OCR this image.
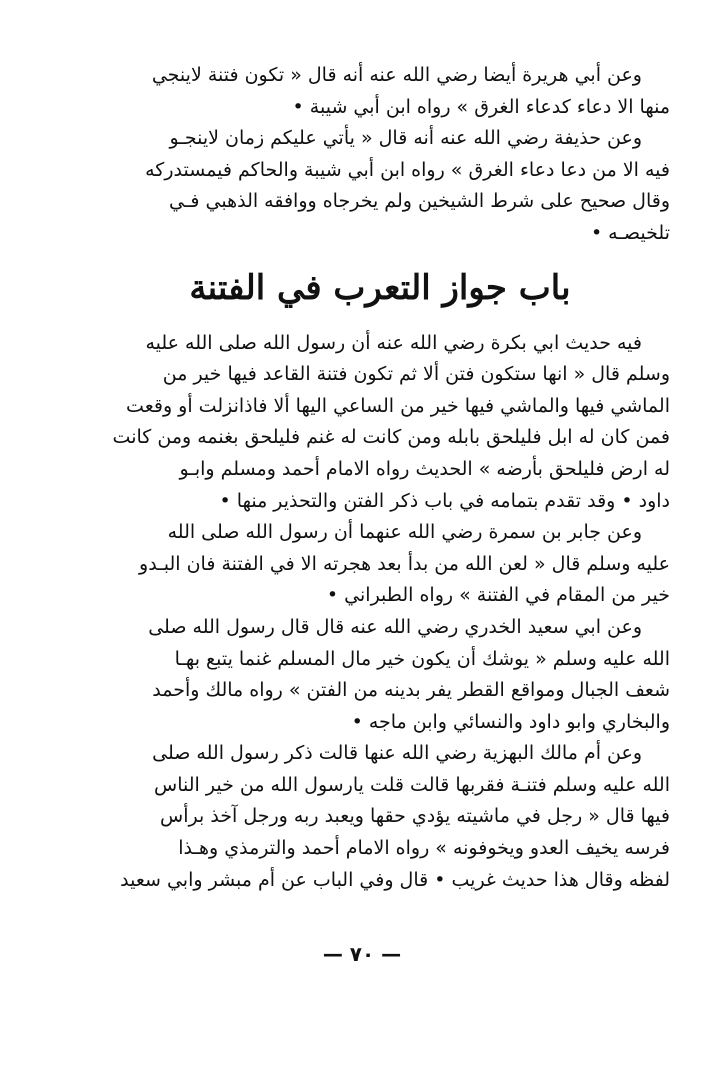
وعن أبي هريرة أيضا رضي الله عنه أنه قال « تكون فتنة لاينجي
منها الا دعاء كدعاء الغرق » رواه ابن أبي شيبة •
وعن حذيفة رضي الله عنه أنه قال « يأتي عليكم زمان لاينجـو
فيه الا من دعا دعاء الغرق » رواه ابن أبي شيبة والحاكم فيمستدركه
وقال صحيح على شرط الشيخين ولم يخرجاه ووافقه الذهبي فـي
تلخيصـه •
باب جواز التعرب في الفتنة
فيه حديث ابي بكرة رضي الله عنه أن رسول الله صلى الله عليه
وسلم قال « انها ستكون فتن ألا ثم تكون فتنة القاعد فيها خير من
الماشي فيها والماشي فيها خير من الساعي اليها ألا فاذانزلت أو وقعت
فمن كان له ابل فليلحق بابله ومن كانت له غنم فليلحق بغنمه ومن كانت
له ارض فليلحق بأرضه » الحديث رواه الامام أحمد ومسلم وابـو
داود • وقد تقدم بتمامه في باب ذكر الفتن والتحذير منها •
وعن جابر بن سمرة رضي الله عنهما أن رسول الله صلى الله
عليه وسلم قال « لعن الله من بدأ بعد هجرته الا في الفتنة فان البـدو
خير من المقام في الفتنة » رواه الطبراني •
وعن ابي سعيد الخدري رضي الله عنه قال قال رسول الله صلى
الله عليه وسلم « يوشك أن يكون خير مال المسلم غنما يتبع بهـا
شعف الجبال ومواقع القطر يفر بدينه من الفتن » رواه مالك وأحمد
والبخاري وابو داود والنسائي وابن ماجه •
وعن أم مالك البهزية رضي الله عنها قالت ذكر رسول الله صلى
الله عليه وسلم فتنـة فقربها قالت قلت يارسول الله من خير الناس
فيها قال « رجل في ماشيته يؤدي حقها ويعبد ربه ورجل آخذ برأس
فرسه يخيف العدو ويخوفونه » رواه الامام أحمد والترمذي وهـذا
لفظه وقال هذا حديث غريب • قال وفي الباب عن أم مبشر وابي سعيد
— ٧٠ —
